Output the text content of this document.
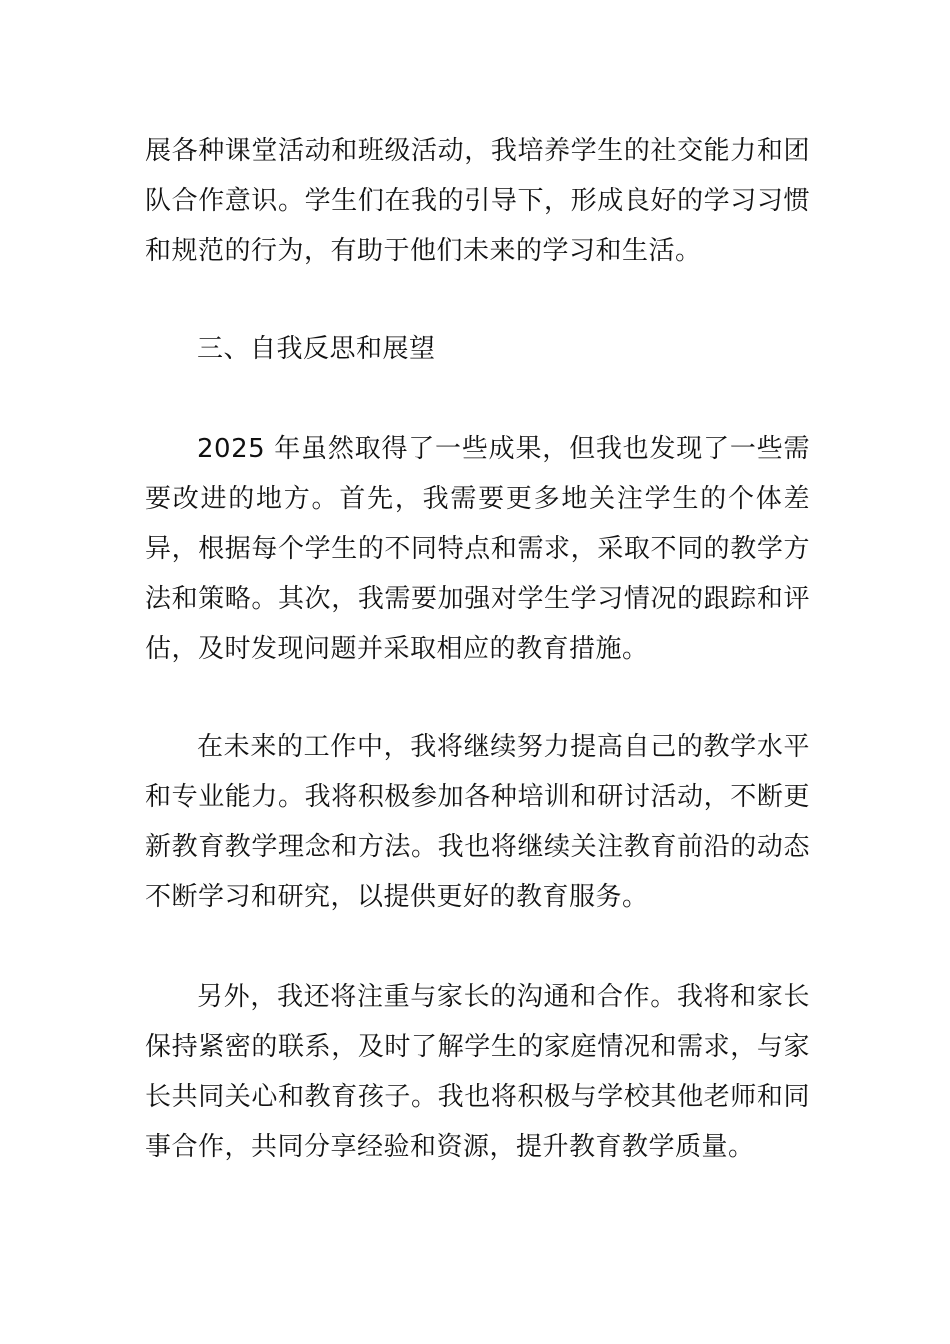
展各种课堂活动和班级活动，我培养学生的社交能力和团队合作意识。学生们在我的引导下，形成良好的学习习惯和规范的行为，有助于他们未来的学习和生活。

三、自我反思和展望

2025 年虽然取得了一些成果，但我也发现了一些需要改进的地方。首先，我需要更多地关注学生的个体差异，根据每个学生的不同特点和需求，采取不同的教学方法和策略。其次，我需要加强对学生学习情况的跟踪和评估，及时发现问题并采取相应的教育措施。

在未来的工作中，我将继续努力提高自己的教学水平和专业能力。我将积极参加各种培训和研讨活动，不断更新教育教学理念和方法。我也将继续关注教育前沿的动态不断学习和研究，以提供更好的教育服务。

另外，我还将注重与家长的沟通和合作。我将和家长保持紧密的联系，及时了解学生的家庭情况和需求，与家长共同关心和教育孩子。我也将积极与学校其他老师和同事合作，共同分享经验和资源，提升教育教学质量。
